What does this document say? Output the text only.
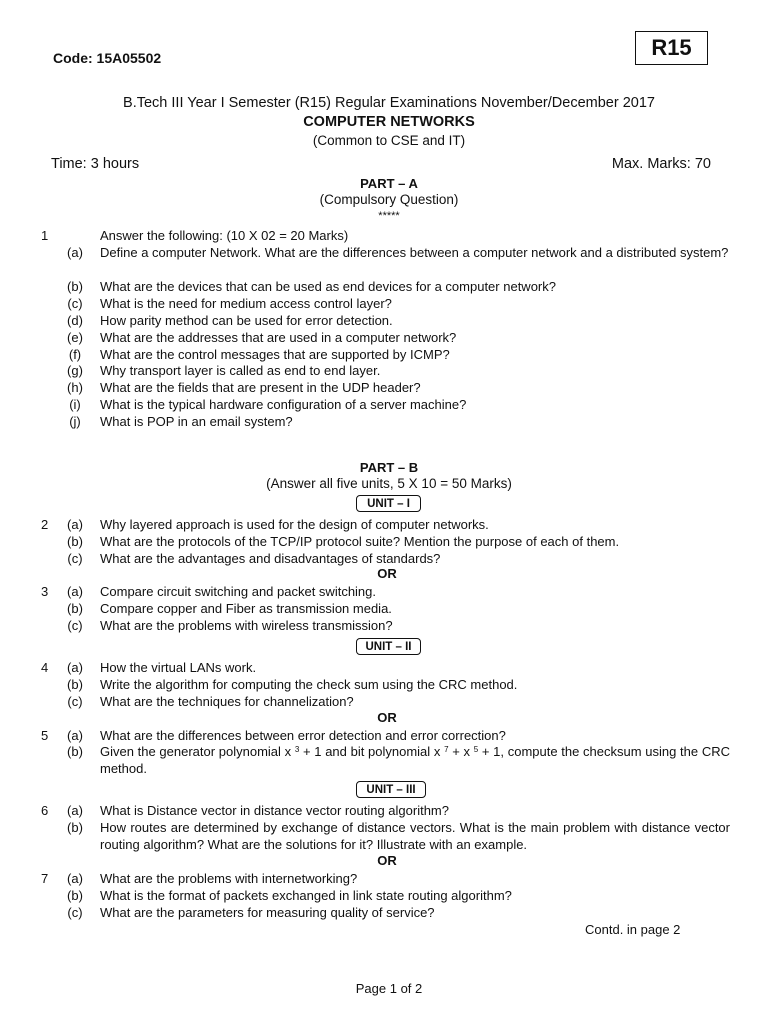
Code: 15A05502	R15
B.Tech III Year I Semester (R15) Regular Examinations November/December 2017
COMPUTER NETWORKS
(Common to CSE and IT)
Time: 3 hours	Max. Marks: 70
PART – A
(Compulsory Question)
*****
1	Answer the following: (10 X 02 = 20 Marks)
(a) Define a computer Network. What are the differences between a computer network and a distributed system?
(b) What are the devices that can be used as end devices for a computer network?
(c) What is the need for medium access control layer?
(d) How parity method can be used for error detection.
(e) What are the addresses that are used in a computer network?
(f)	What are the control messages that are supported by ICMP?
(g) Why transport layer is called as end to end layer.
(h) What are the fields that are present in the UDP header?
(i)	What is the typical hardware configuration of a server machine?
(j)	What is POP in an email system?
PART – B
(Answer all five units, 5 X 10 = 50 Marks)
UNIT – I
2 (a) Why layered approach is used for the design of computer networks.
(b) What are the protocols of the TCP/IP protocol suite? Mention the purpose of each of them.
(c) What are the advantages and disadvantages of standards?
OR
3 (a) Compare circuit switching and packet switching.
(b) Compare copper and Fiber as transmission media.
(c) What are the problems with wireless transmission?
UNIT – II
4 (a) How the virtual LANs work.
(b) Write the algorithm for computing the check sum using the CRC method.
(c) What are the techniques for channelization?
OR
5 (a) What are the differences between error detection and error correction?
(b) Given the generator polynomial x $^3$ + 1 and bit polynomial x $^7$ + x $^5$ + 1, compute the checksum using the CRC method.
UNIT – III
6 (a) What is Distance vector in distance vector routing algorithm?
(b) How routes are determined by exchange of distance vectors. What is the main problem with distance vector routing algorithm? What are the solutions for it? Illustrate with an example.
OR
7 (a) What are the problems with internetworking?
(b) What is the format of packets exchanged in link state routing algorithm?
(c) What are the parameters for measuring quality of service?
Contd. in page 2
Page 1 of 2
